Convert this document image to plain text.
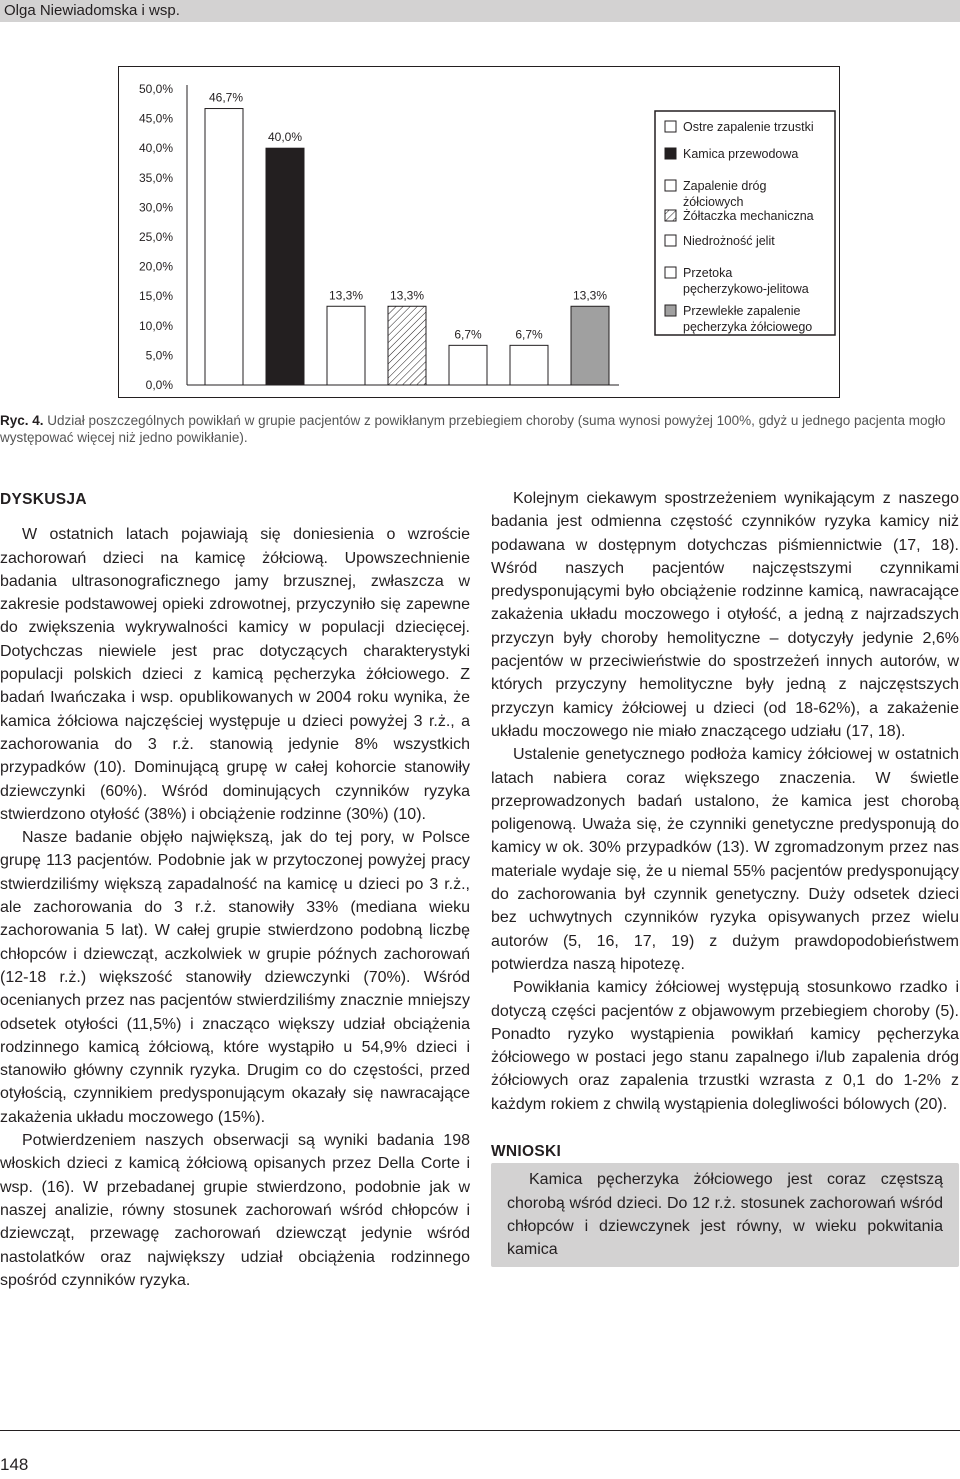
Olga Niewiadomska i wsp.
0,0%
5,0%
10,0%
15,0%
20,0%
25,0%
30,0%
35,0%
40,0%
45,0%
50,0%
46,7%
40,0%
13,3% 13,3%
6,7%	6,7%
13,3%
Ostre zapalenie trzustki
Kamica przewodowa
Zapalenie dróg
żółciowych
Żółtaczka mechaniczna
Niedrożność jelit
Przetoka
pęcherzykowo-jelitowa
Przewlekłe zapalenie
pęcherzyka żółciowego
Ryc. 4. Udział poszczególnych powikłań w grupie pacjentów z powikłanym przebiegiem choroby (suma wynosi powyżej 100%, gdyż u jednego pacjenta mogło występować więcej niż jedno powikłanie).

DYSKUSJA

W ostatnich latach pojawiają się doniesienia o wzroście zachorowań dzieci na kamicę żółciową. Upowszechnienie badania ultrasonograficznego jamy brzusznej, zwłaszcza w zakresie podstawowej opieki zdrowotnej, przyczyniło się zapewne do zwiększenia wykrywalności kamicy w populacji dziecięcej. Dotychczas niewiele jest prac dotyczących charakterystyki populacji polskich dzieci z kamicą pęcherzyka żółciowego. Z badań Iwańczaka i wsp. opublikowanych w 2004 roku wynika, że kamica żółciowa najczęściej występuje u dzieci powyżej 3 r.ż., a zachorowania do 3 r.ż. stanowią jedynie 8% wszystkich przypadków (10). Dominującą grupę w całej kohorcie stanowiły dziewczynki (60%). Wśród dominujących czynników ryzyka stwierdzono otyłość (38%) i obciążenie rodzinne (30%) (10).

Nasze badanie objęło największą, jak do tej pory, w Polsce grupę 113 pacjentów. Podobnie jak w przytoczonej powyżej pracy stwierdziliśmy większą zapadalność na kamicę u dzieci po 3 r.ż., ale zachorowania do 3 r.ż. stanowiły 33% (mediana wieku zachorowania 5 lat). W całej grupie stwierdzono podobną liczbę chłopców i dziewcząt, aczkolwiek w grupie późnych zachorowań (12-18 r.ż.) większość stanowiły dziewczynki (70%). Wśród ocenianych przez nas pacjentów stwierdziliśmy znacznie mniejszy odsetek otyłości (11,5%) i znacząco większy udział obciążenia rodzinnego kamicą żółciową, które wystąpiło u 54,9% dzieci i stanowiło główny czynnik ryzyka. Drugim co do częstości, przed otyłością, czynnikiem predysponującym okazały się nawracające zakażenia układu moczowego (15%).

Potwierdzeniem naszych obserwacji są wyniki badania 198 włoskich dzieci z kamicą żółciową opisanych przez Della Corte i wsp. (16). W przebadanej grupie stwierdzono, podobnie jak w naszej analizie, równy stosunek zachorowań wśród chłopców i dziewcząt, przewagę zachorowań dziewcząt jedynie wśród nastolatków oraz największy udział obciążenia rodzinnego spośród czynników ryzyka.

Kolejnym ciekawym spostrzeżeniem wynikającym z naszego badania jest odmienna częstość czynników ryzyka kamicy niż podawana w dostępnym dotychczas piśmiennictwie (17, 18). Wśród naszych pacjentów najczęstszymi czynnikami predysponującymi było obciążenie rodzinne kamicą, nawracające zakażenia układu moczowego i otyłość, a jedną z najrzadszych przyczyn były choroby hemolityczne – dotyczyły jedynie 2,6% pacjentów w przeciwieństwie do spostrzeżeń innych autorów, w których przyczyny hemolityczne były jedną z najczęstszych przyczyn kamicy żółciowej u dzieci (od 18-62%), a zakażenie układu moczowego nie miało znaczącego udziału (17, 18).

Ustalenie genetycznego podłoża kamicy żółciowej w ostatnich latach nabiera coraz większego znaczenia. W świetle przeprowadzonych badań ustalono, że kamica jest chorobą poligenową. Uważa się, że czynniki genetyczne predysponują do kamicy w ok. 30% przypadków (13). W zgromadzonym przez nas materiale wydaje się, że u niemal 55% pacjentów predysponujący do zachorowania był czynnik genetyczny. Duży odsetek dzieci bez uchwytnych czynników ryzyka opisywanych przez wielu autorów (5, 16, 17, 19) z dużym prawdopodobieństwem potwierdza naszą hipotezę.

Powikłania kamicy żółciowej występują stosunkowo rzadko i dotyczą części pacjentów z objawowym przebiegiem choroby (5). Ponadto ryzyko wystąpienia powikłań kamicy pęcherzyka żółciowego w postaci jego stanu zapalnego i/lub zapalenia dróg żółciowych oraz zapalenia trzustki wzrasta z 0,1 do 1-2% z każdym rokiem z chwilą wystąpienia dolegliwości bólowych (20).

WNIOSKI

Kamica pęcherzyka żółciowego jest coraz częstszą chorobą wśród dzieci. Do 12 r.ż. stosunek zachorowań wśród chłopców i dziewczynek jest równy, w wieku pokwitania kamica

148
